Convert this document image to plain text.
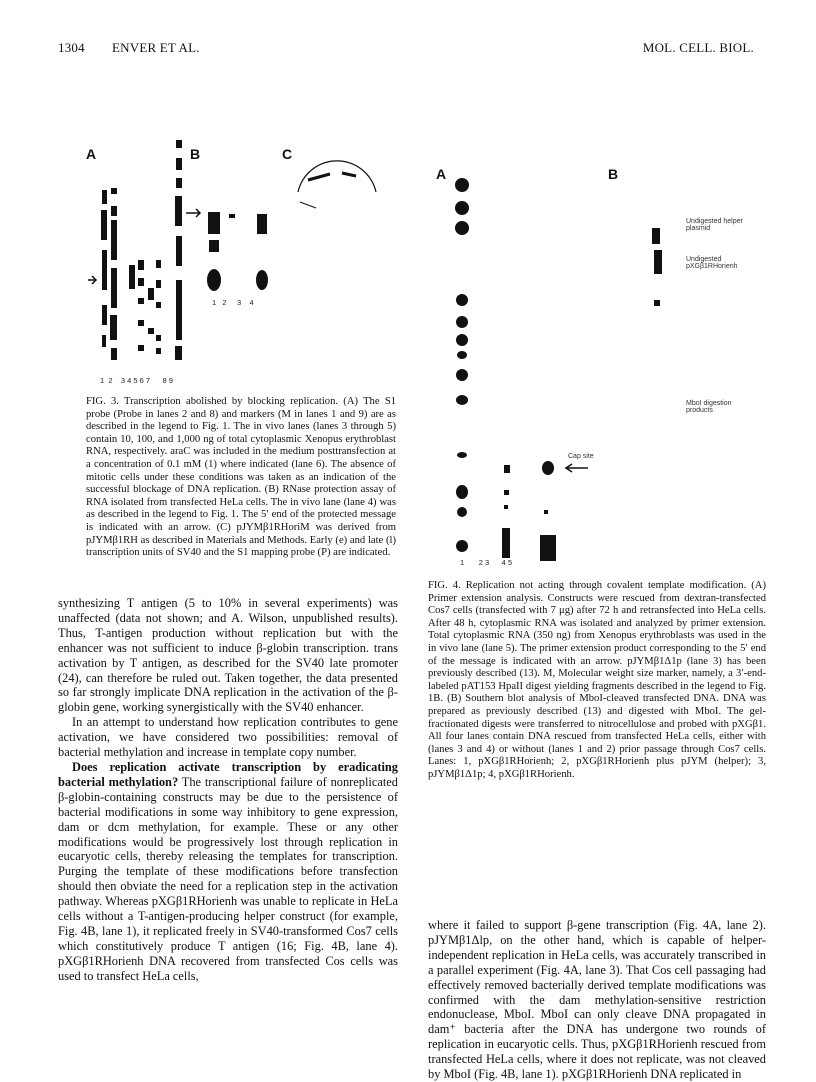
1304 ENVER ET AL.	MOL. CELL. BIOL.
A	B	C
1  2    3 4 5 6 7      8 9
1   2     3    4
FIG. 3. Transcription abolished by blocking replication. (A) The S1 probe (Probe in lanes 2 and 8) and markers (M in lanes 1 and 9) are as described in the legend to Fig. 1. The in vivo lanes (lanes 3 through 5) contain 10, 100, and 1,000 ng of total cytoplasmic Xenopus erythroblast RNA, respectively. araC was included in the medium posttransfection at a concentration of 0.1 mM (1) where indicated (lane 6). The absence of mitotic cells under these conditions was taken as an indication of the successful blockage of DNA replication. (B) RNase protection assay of RNA isolated from transfected HeLa cells. The in vivo lane (lane 4) was as described in the legend to Fig. 1. The 5′ end of the protected message is indicated with an arrow. (C) pJYMβ1RHoriM was derived from pJYMβ1RH as described in Materials and Methods. Early (e) and late (l) transcription units of SV40 and the S1 mapping probe (P) are indicated.
A	B
Undigested helper plasmid
Undigested pXGβ1RHorienh
MboI digestion products
Cap site
1       2 3      4 5
FIG. 4. Replication not acting through covalent template modification. (A) Primer extension analysis. Constructs were rescued from dextran-transfected Cos7 cells (transfected with 7 μg) after 72 h and retransfected into HeLa cells. After 48 h, cytoplasmic RNA was isolated and analyzed by primer extension. Total cytoplasmic RNA (350 ng) from Xenopus erythroblasts was used in the in vivo lane (lane 5). The primer extension product corresponding to the 5′ end of the message is indicated with an arrow. pJYMβ1Δ1p (lane 3) has been previously described (13). M, Molecular weight size marker, namely, a 3′-end-labeled pAT153 HpaII digest yielding fragments described in the legend to Fig. 1B. (B) Southern blot analysis of MboI-cleaved transfected DNA. DNA was prepared as previously described (13) and digested with MboI. The gel-fractionated digests were transferred to nitrocellulose and probed with pXGβ1. All four lanes contain DNA rescued from transfected HeLa cells, either with (lanes 3 and 4) or without (lanes 1 and 2) prior passage through Cos7 cells. Lanes: 1, pXGβ1RHorienh; 2, pXGβ1RHorienh plus pJYM (helper); 3, pJYMβ1Δ1p; 4, pXGβ1RHorienh.

synthesizing T antigen (5 to 10% in several experiments) was unaffected (data not shown; and A. Wilson, unpublished results). Thus, T-antigen production without replication but with the enhancer was not sufficient to induce β-globin transcription. trans activation by T antigen, as described for the SV40 late promoter (24), can therefore be ruled out. Taken together, the data presented so far strongly implicate DNA replication in the activation of the β-globin gene, working synergistically with the SV40 enhancer.

In an attempt to understand how replication contributes to gene activation, we have considered two possibilities: removal of bacterial methylation and increase in template copy number.

Does replication activate transcription by eradicating bacterial methylation? The transcriptional failure of nonreplicated β-globin-containing constructs may be due to the persistence of bacterial modifications in some way inhibitory to gene expression, dam or dcm methylation, for example. These or any other modifications would be progressively lost through replication in eucaryotic cells, thereby releasing the templates for transcription. Purging the template of these modifications before transfection should then obviate the need for a replication step in the activation pathway. Whereas pXGβ1RHorienh was unable to replicate in HeLa cells without a T-antigen-producing helper construct (for example, Fig. 4B, lane 1), it replicated freely in SV40-transformed Cos7 cells which constitutively produce T antigen (16; Fig. 4B, lane 4). pXGβ1RHorienh DNA recovered from transfected Cos cells was used to transfect HeLa cells,

where it failed to support β-gene transcription (Fig. 4A, lane 2). pJYMβ1Δlp, on the other hand, which is capable of helper-independent replication in HeLa cells, was accurately transcribed in a parallel experiment (Fig. 4A, lane 3). That Cos cell passaging had effectively removed bacterially derived template modifications was confirmed with the dam methylation-sensitive restriction endonuclease, MboI. MboI can only cleave DNA propagated in dam⁺ bacteria after the DNA has undergone two rounds of replication in eucaryotic cells. Thus, pXGβ1RHorienh rescued from transfected HeLa cells, where it does not replicate, was not cleaved by MboI (Fig. 4B, lane 1). pXGβ1RHorienh DNA replicated in
